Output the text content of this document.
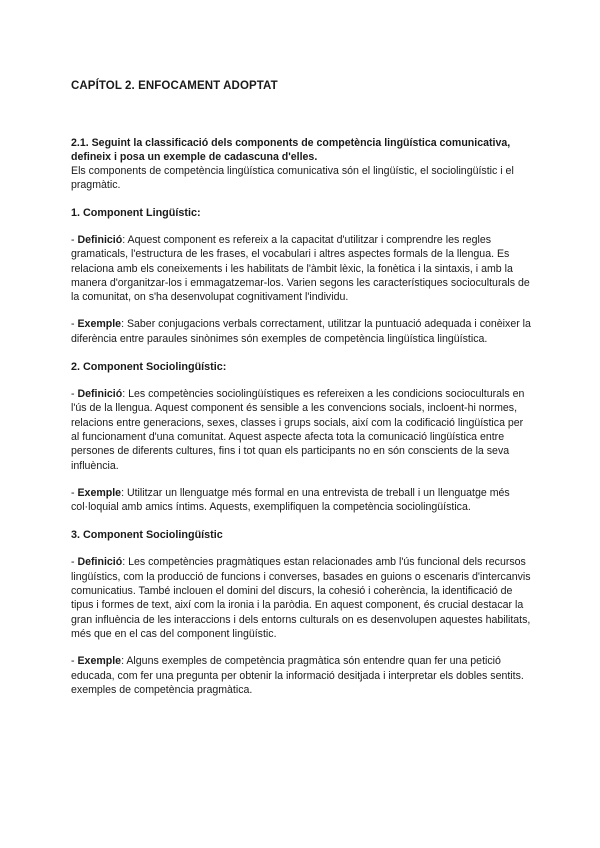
CAPÍTOL 2. ENFOCAMENT ADOPTAT
2.1. Seguint la classificació dels components de competència lingüística comunicativa, defineix i posa un exemple de cadascuna d'elles.
Els components de competència lingüística comunicativa són el lingüístic, el sociolingüístic i el pragmàtic.
1. Component Lingüístic:

- Definició: Aquest component es refereix a la capacitat d'utilitzar i comprendre les regles gramaticals, l'estructura de les frases, el vocabulari i altres aspectes formals de la llengua. Es relaciona amb els coneixements i les habilitats de l'àmbit lèxic, la fonètica i la sintaxis, i amb la manera d'organitzar-los i emmagatzemar-los. Varien segons les característiques socioculturals de la comunitat, on s'ha desenvolupat cognitivament l'individu.

- Exemple: Saber conjugacions verbals correctament, utilitzar la puntuació adequada i conèixer la diferència entre paraules sinònimes són exemples de competència lingüística lingüística.

2. Component Sociolingüístic:

- Definició: Les competències sociolingüístiques es refereixen a les condicions socioculturals en l'ús de la llengua. Aquest component és sensible a les convencions socials, incloent-hi normes, relacions entre generacions, sexes, classes i grups socials, així com la codificació lingüística per al funcionament d'una comunitat. Aquest aspecte afecta tota la comunicació lingüística entre persones de diferents cultures, fins i tot quan els participants no en són conscients de la seva influència.

- Exemple: Utilitzar un llenguatge més formal en una entrevista de treball i un llenguatge més col·loquial amb amics íntims. Aquests, exemplifiquen la competència sociolingüística.

3. Component Sociolingüístic

- Definició: Les competències pragmàtiques estan relacionades amb l'ús funcional dels recursos lingüístics, com la producció de funcions i converses, basades en guions o escenaris d'intercanvis comunicatius. També inclouen el domini del discurs, la cohesió i coherència, la identificació de tipus i formes de text, així com la ironia i la paròdia. En aquest component, és crucial destacar la gran influència de les interaccions i dels entorns culturals on es desenvolupen aquestes habilitats, més que en el cas del component lingüístic.

- Exemple: Alguns exemples de competència pragmàtica són entendre quan fer una petició educada, com fer una pregunta per obtenir la informació desitjada i interpretar els dobles sentits. exemples de competència pragmàtica.
